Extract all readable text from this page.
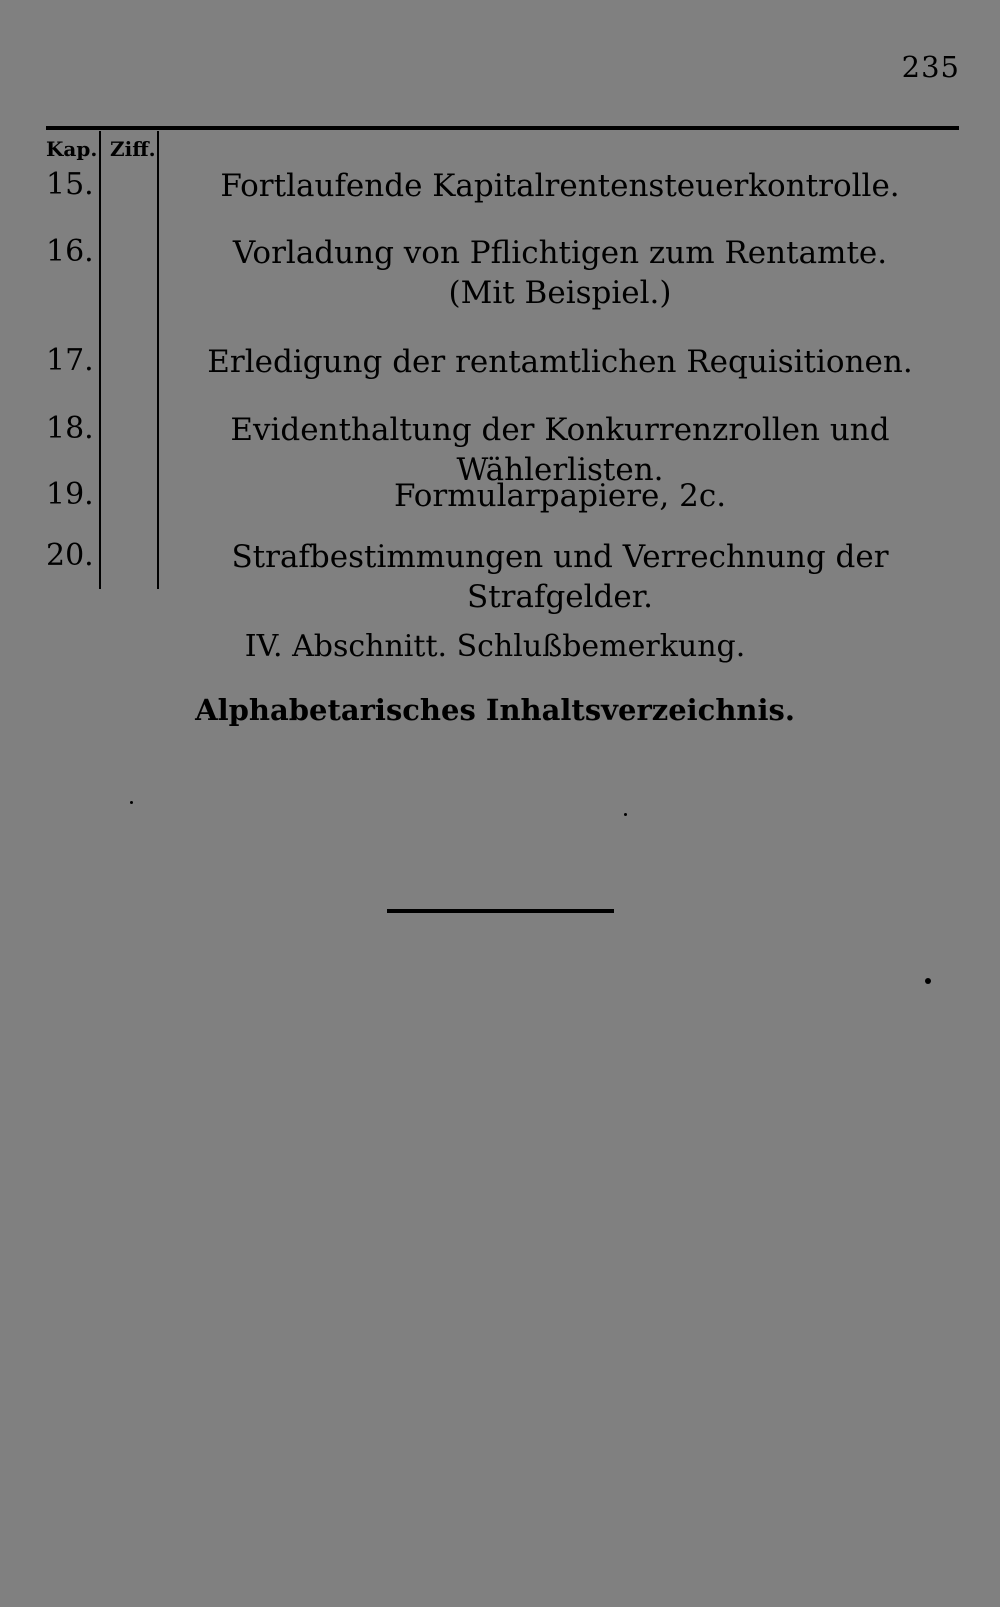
235
Kap. Ziff.
15.	Fortlaufende Kapitalrentensteuerkontrolle.
16.	Vorladung von Pflichtigen zum Rentamte.
(Mit Beispiel.)
17.	Erledigung der rentamtlichen Requisitionen.
18.	Evidenthaltung der Konkurrenzrollen und Wählerlisten.
19.	Formularpapiere, 2c.
20.	Strafbestimmungen und Verrechnung der Strafgelder.
IV. Abschnitt. Schlußbemerkung.
Alphabetarisches Inhaltsverzeichnis.
